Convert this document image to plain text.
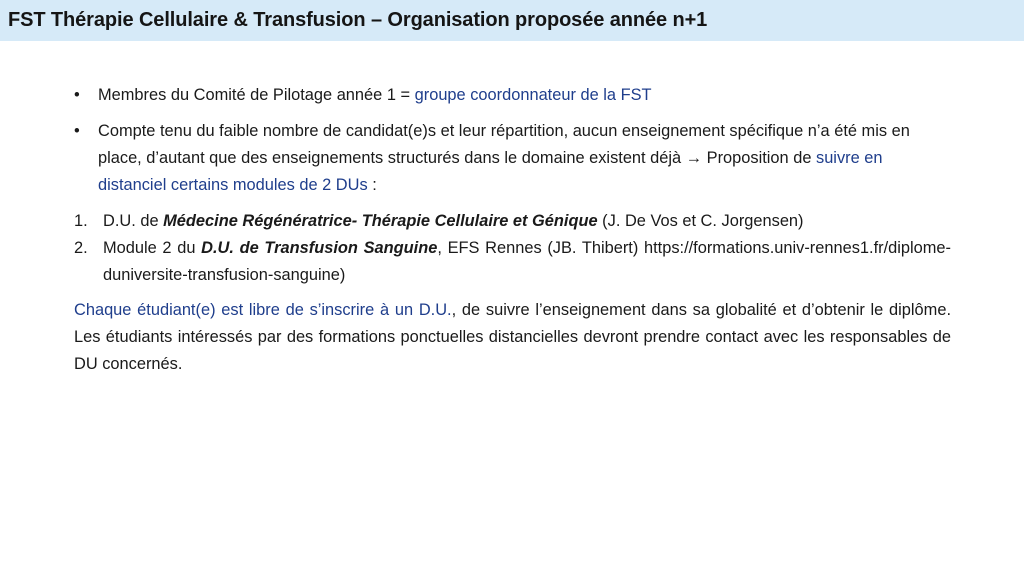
FST Thérapie Cellulaire & Transfusion – Organisation proposée année n+1
• Membres du Comité de Pilotage année 1 = groupe coordonnateur de la FST
• Compte tenu du faible nombre de candidat(e)s et leur répartition, aucun enseignement spécifique n’a été mis en place, d’autant que des enseignements structurés dans le domaine existent déjà → Proposition de suivre en distanciel certains modules de 2 DUs :
1. D.U. de Médecine Régénératrice- Thérapie Cellulaire et Génique (J. De Vos et C. Jorgensen)
2. Module 2 du D.U. de Transfusion Sanguine, EFS Rennes (JB. Thibert) https://formations.univ-rennes1.fr/diplome-duniversite-transfusion-sanguine)
Chaque étudiant(e) est libre de s’inscrire à un D.U., de suivre l’enseignement dans sa globalité et d’obtenir le diplôme. Les étudiants intéressés par des formations ponctuelles distancielles devront prendre contact avec les responsables de DU concernés.
